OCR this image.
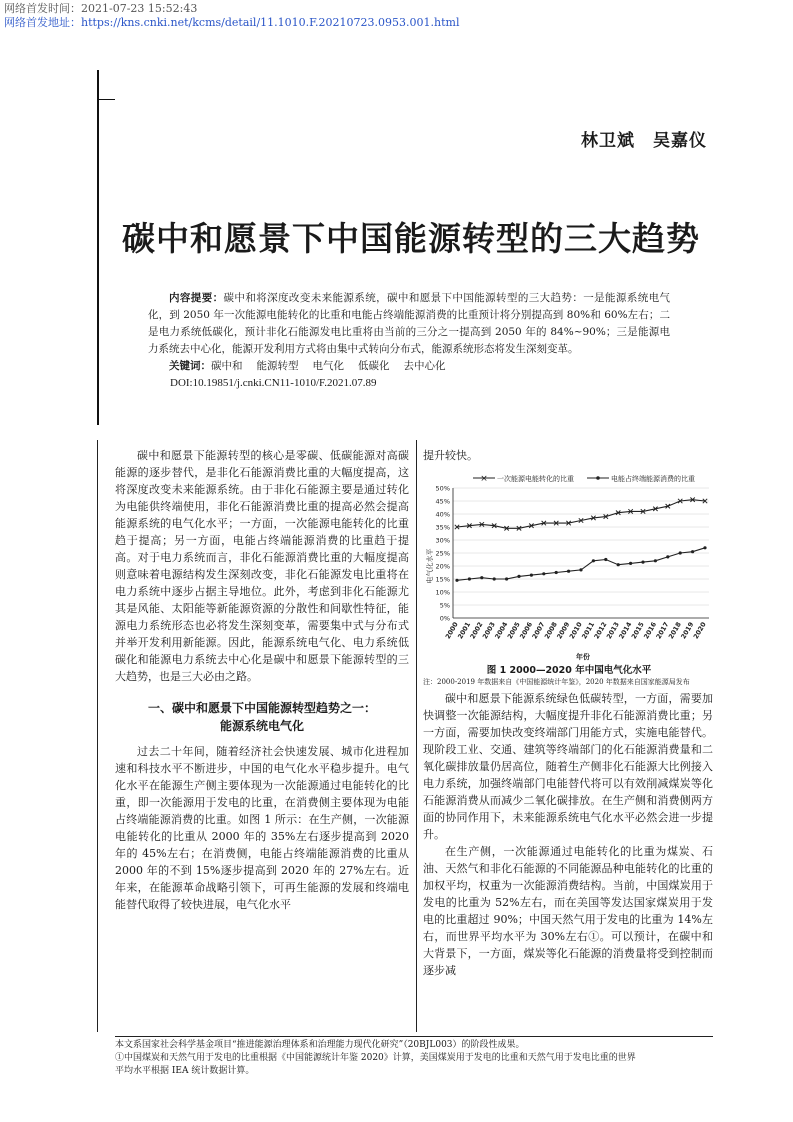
网络首发时间：2021-07-23 15:52:43
网络首发地址：https://kns.cnki.net/kcms/detail/11.1010.F.20210723.0953.001.html
林卫斌　吴嘉仪
碳中和愿景下中国能源转型的三大趋势

内容提要：碳中和将深度改变未来能源系统，碳中和愿景下中国能源转型的三大趋势：一是能源系统电气化，到 2050 年一次能源电能转化的比重和电能占终端能源消费的比重预计将分别提高到 80%和 60%左右；二是电力系统低碳化，预计非化石能源发电比重将由当前的三分之一提高到 2050 年的 84%~90%；三是能源电力系统去中心化，能源开发利用方式将由集中式转向分布式，能源系统形态将发生深刻变革。

关键词：碳中和 能源转型 电气化 低碳化 去中心化

DOI:10.19851/j.cnki.CN11-1010/F.2021.07.89

碳中和愿景下能源转型的核心是零碳、低碳能源对高碳能源的逐步替代，是非化石能源消费比重的大幅度提高，这将深度改变未来能源系统。由于非化石能源主要是通过转化为电能供终端使用，非化石能源消费比重的提高必然会提高能源系统的电气化水平；一方面，一次能源电能转化的比重趋于提高；另一方面，电能占终端能源消费的比重趋于提高。对于电力系统而言，非化石能源消费比重的大幅度提高则意味着电源结构发生深刻改变，非化石能源发电比重将在电力系统中逐步占据主导地位。此外，考虑到非化石能源尤其是风能、太阳能等新能源资源的分散性和间歇性特征，能源电力系统形态也必将发生深刻变革，需要集中式与分布式并举开发利用新能源。因此，能源系统电气化、电力系统低碳化和能源电力系统去中心化是碳中和愿景下能源转型的三大趋势，也是三大必由之路。

一、碳中和愿景下中国能源转型趋势之一：
能源系统电气化

过去二十年间，随着经济社会快速发展、城市化进程加速和科技水平不断进步，中国的电气化水平稳步提升。电气化水平在能源生产侧主要体现为一次能源通过电能转化的比重，即一次能源用于发电的比重，在消费侧主要体现为电能占终端能源消费的比重。如图 1 所示：在生产侧，一次能源电能转化的比重从 2000 年的 35%左右逐步提高到 2020 年的 45%左右；在消费侧，电能占终端能源消费的比重从 2000 年的不到 15%逐步提高到 2020 年的 27%左右。近年来，在能源革命战略引领下，可再生能源的发展和终端电能替代取得了较快进展，电气化水平

提升较快。

× 一次能源电能转化的比重	电能占终端能源消费的比重
电气化水平
年份
0%
5%
10%
15%
20%
25%
30%
35%
40%
45%
50%
2000
2001
2002
2003
2004
2005
2006
2007
2008
2009
2010
2011
2012
2013
2014
2015
2016
2017
2018
2019
2020
图 1 2000—2020 年中国电气化水平
注：2000-2019 年数据来自《中国能源统计年鉴》，2020 年数据来自国家能源局发布

碳中和愿景下能源系统绿色低碳转型，一方面，需要加快调整一次能源结构，大幅度提升非化石能源消费比重；另一方面，需要加快改变终端部门用能方式，实施电能替代。现阶段工业、交通、建筑等终端部门的化石能源消费量和二氧化碳排放量仍居高位，随着生产侧非化石能源大比例接入电力系统，加强终端部门电能替代将可以有效削减煤炭等化石能源消费从而减少二氧化碳排放。在生产侧和消费侧两方面的协同作用下，未来能源系统电气化水平必然会进一步提升。

在生产侧，一次能源通过电能转化的比重为煤炭、石油、天然气和非化石能源的不同能源品种电能转化的比重的加权平均，权重为一次能源消费结构。当前，中国煤炭用于发电的比重为 52%左右，而在美国等发达国家煤炭用于发电的比重超过 90%；中国天然气用于发电的比重为 14%左右，而世界平均水平为 30%左右①。可以预计，在碳中和大背景下，一方面，煤炭等化石能源的消费量将受到控制而逐步减

本文系国家社会科学基金项目“推进能源治理体系和治理能力现代化研究”（20BJL003）的阶段性成果。
①中国煤炭和天然气用于发电的比重根据《中国能源统计年鉴 2020》计算，美国煤炭用于发电的比重和天然气用于发电比重的世界
平均水平根据 IEA 统计数据计算。
